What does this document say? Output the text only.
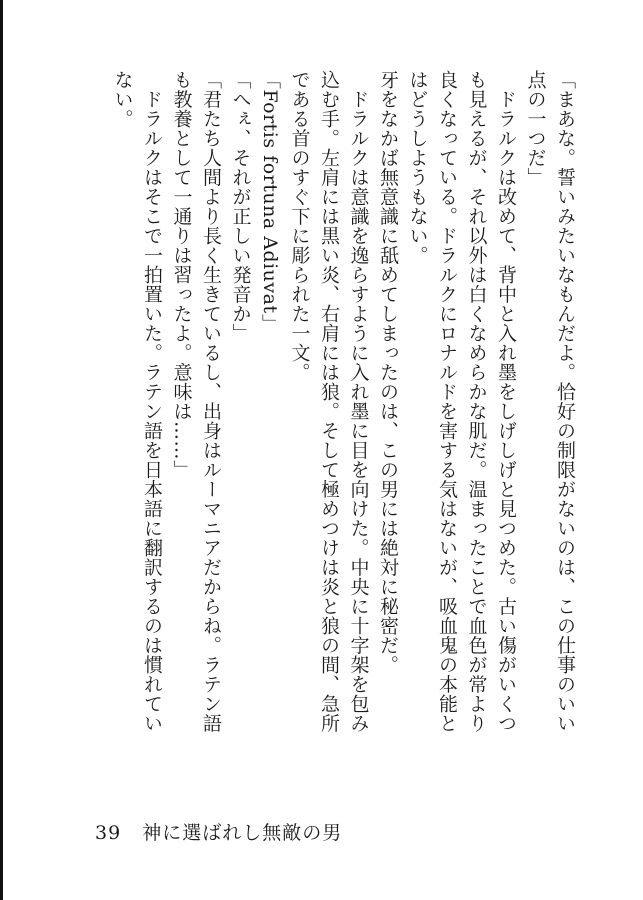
「まあな。誓いみたいなもんだよ。恰好の制限がないのは、この仕事のいい点の一つだ」

　ドラルクは改めて、背中と入れ墨をしげしげと見つめた。古い傷がいくつも見えるが、それ以外は白くなめらかな肌だ。温まったことで血色が常より良くなっている。ドラルクにロナルドを害する気はないが、吸血鬼の本能とはどうしようもない。

牙をなかば無意識に舐めてしまったのは、この男には絶対に秘密だ。

　ドラルクは意識を逸らすように入れ墨に目を向けた。中央に十字架を包み込む手。左肩には黒い炎、右肩には狼。そして極めつけは炎と狼の間、急所である首のすぐ下に彫られた一文。

「Fortis fortuna Adiuvat」

「へぇ、それが正しい発音か」

「君たち人間より長く生きているし、出身はルーマニアだからね。ラテン語も教養として一通りは習ったよ。意味は……」

　ドラルクはそこで一拍置いた。ラテン語を日本語に翻訳するのは慣れていない。

39 神に選ばれし無敵の男
